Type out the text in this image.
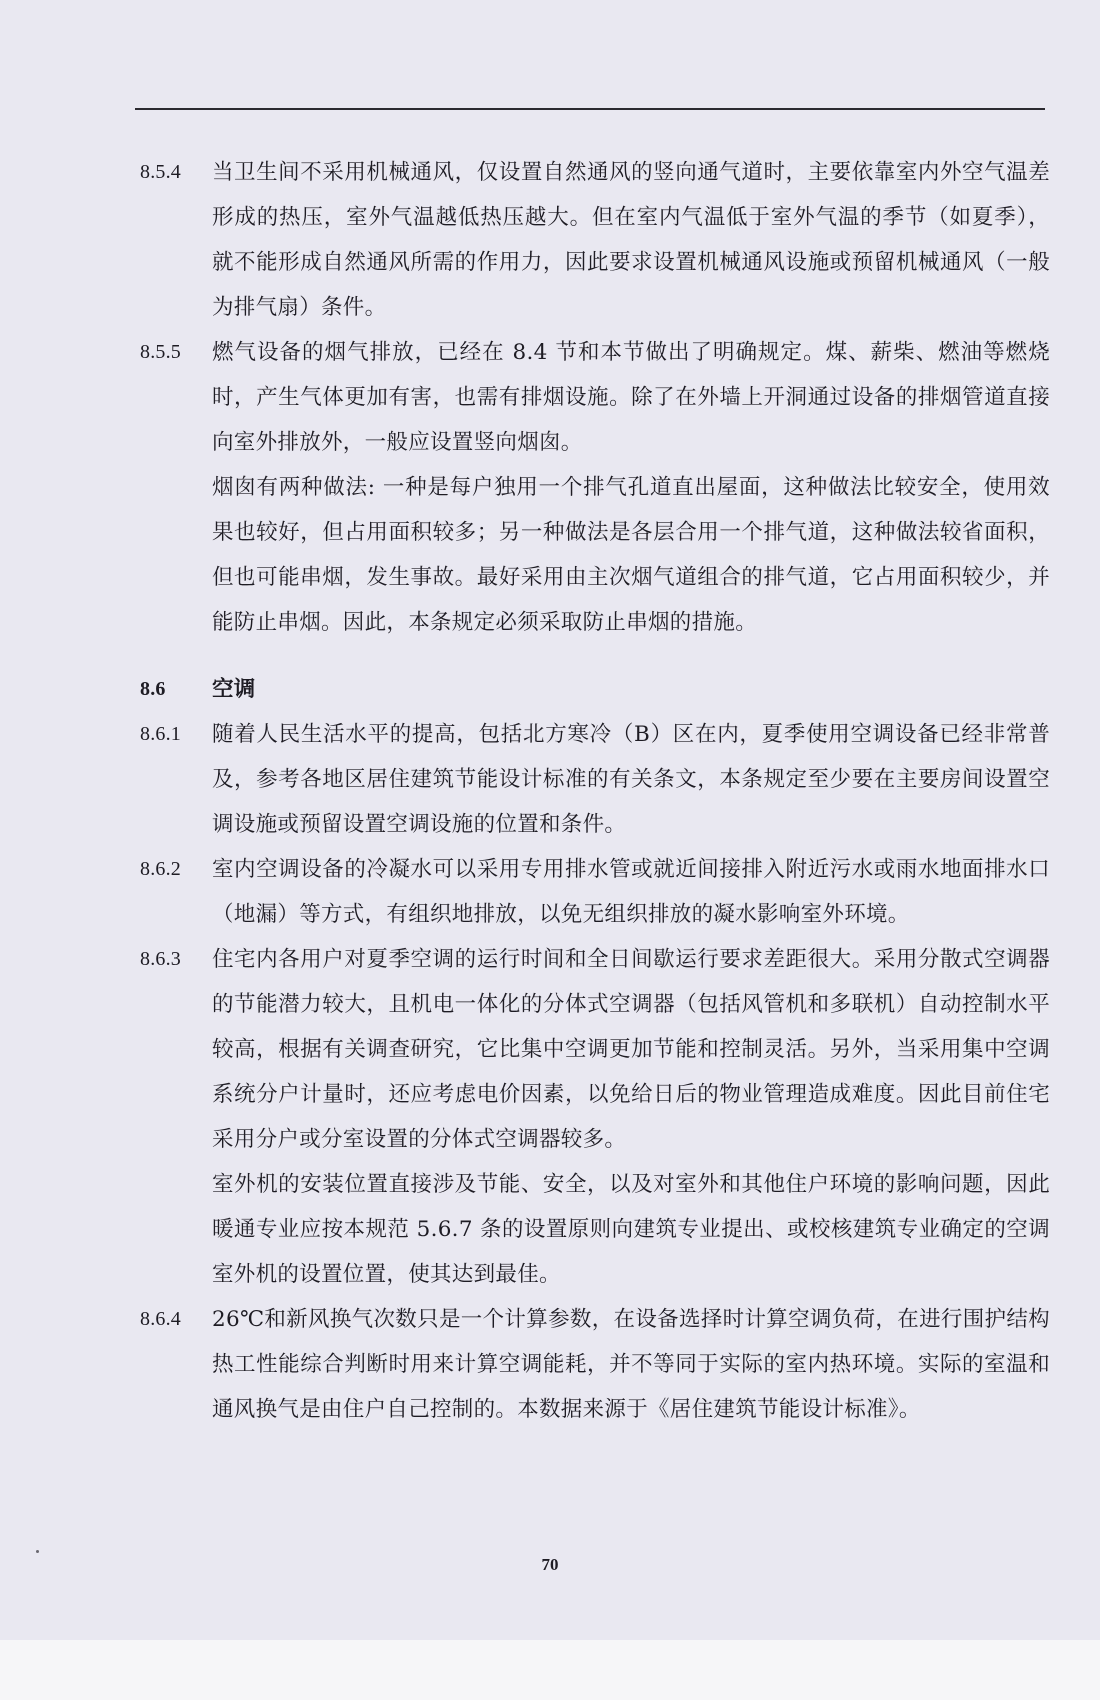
8.5.4	当卫生间不采用机械通风，仅设置自然通风的竖向通气道时，主要依靠室内外空气温差形成的热压，室外气温越低热压越大。但在室内气温低于室外气温的季节（如夏季），就不能形成自然通风所需的作用力，因此要求设置机械通风设施或预留机械通风（一般为排气扇）条件。

8.5.5	燃气设备的烟气排放，已经在 8.4 节和本节做出了明确规定。煤、薪柴、燃油等燃烧时，产生气体更加有害，也需有排烟设施。除了在外墙上开洞通过设备的排烟管道直接向室外排放外，一般应设置竖向烟囱。

烟囱有两种做法: 一种是每户独用一个排气孔道直出屋面，这种做法比较安全，使用效果也较好，但占用面积较多；另一种做法是各层合用一个排气道，这种做法较省面积，但也可能串烟，发生事故。最好采用由主次烟气道组合的排气道，它占用面积较少，并能防止串烟。因此，本条规定必须采取防止串烟的措施。

8.6	空调
8.6.1	随着人民生活水平的提高，包括北方寒冷（B）区在内，夏季使用空调设备已经非常普及，参考各地区居住建筑节能设计标准的有关条文，本条规定至少要在主要房间设置空调设施或预留设置空调设施的位置和条件。

8.6.2	室内空调设备的冷凝水可以采用专用排水管或就近间接排入附近污水或雨水地面排水口（地漏）等方式，有组织地排放，以免无组织排放的凝水影响室外环境。

8.6.3	住宅内各用户对夏季空调的运行时间和全日间歇运行要求差距很大。采用分散式空调器的节能潜力较大，且机电一体化的分体式空调器（包括风管机和多联机）自动控制水平较高，根据有关调查研究，它比集中空调更加节能和控制灵活。另外，当采用集中空调系统分户计量时，还应考虑电价因素，以免给日后的物业管理造成难度。因此目前住宅采用分户或分室设置的分体式空调器较多。

室外机的安装位置直接涉及节能、安全，以及对室外和其他住户环境的影响问题，因此暖通专业应按本规范 5.6.7 条的设置原则向建筑专业提出、或校核建筑专业确定的空调室外机的设置位置，使其达到最佳。

8.6.4	26℃和新风换气次数只是一个计算参数，在设备选择时计算空调负荷，在进行围护结构热工性能综合判断时用来计算空调能耗，并不等同于实际的室内热环境。实际的室温和通风换气是由住户自己控制的。本数据来源于《居住建筑节能设计标准》。

70
